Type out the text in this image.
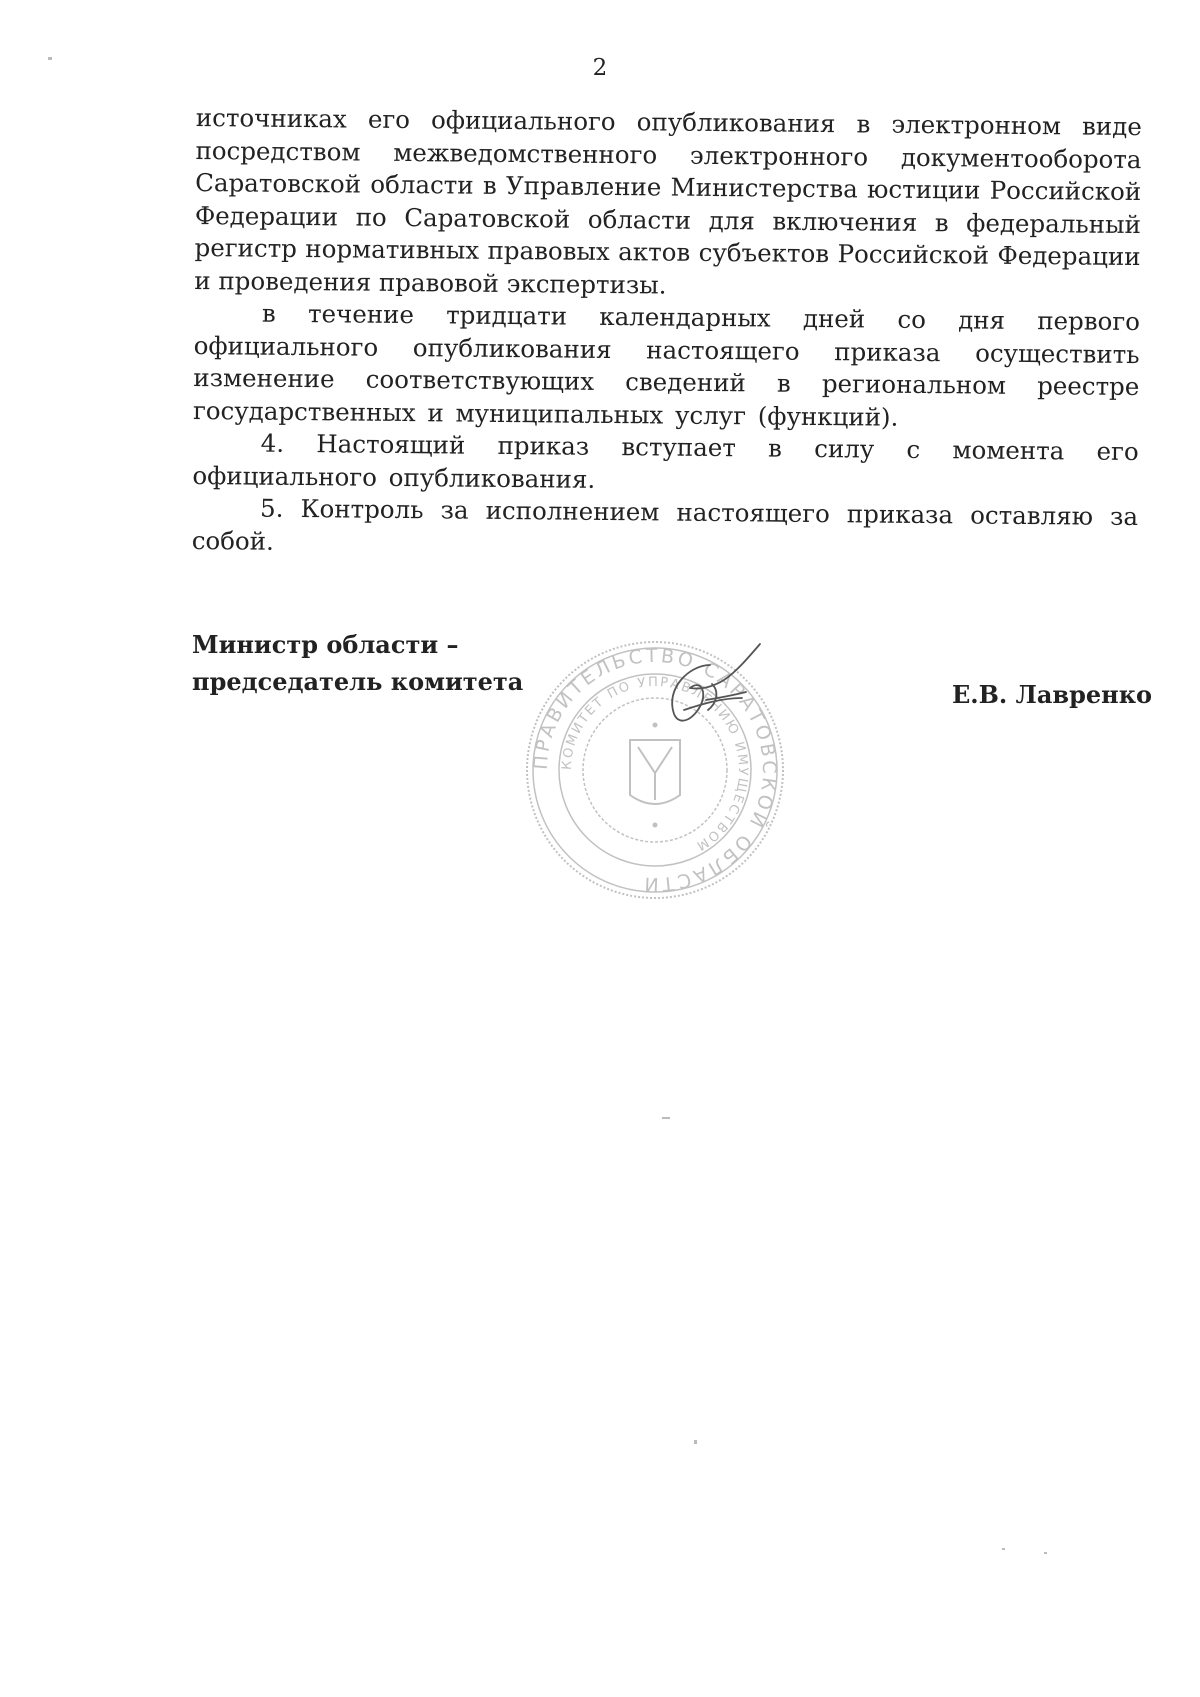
2

источниках его официального опубликования в электронном виде посредством межведомственного электронного документооборота Саратовской области в Управление Министерства юстиции Российской Федерации по Саратовской области для включения в федеральный регистр нормативных правовых актов субъектов Российской Федерации и проведения правовой экспертизы.

в течение тридцати календарных дней со дня первого официального опубликования настоящего приказа осуществить изменение соответствующих сведений в региональном реестре государственных и муниципальных услуг (функций).

4. Настоящий приказ вступает в силу с момента его официального опубликования.

5. Контроль за исполнением настоящего приказа оставляю за собой.

Министр области –
председатель комитета	Е.В. Лавренко
ПРАВИТЕЛЬСТВО САРАТОВСКОЙ ОБЛАСТИ
КОМИТЕТ ПО УПРАВЛЕНИЮ ИМУЩЕСТВОМ
